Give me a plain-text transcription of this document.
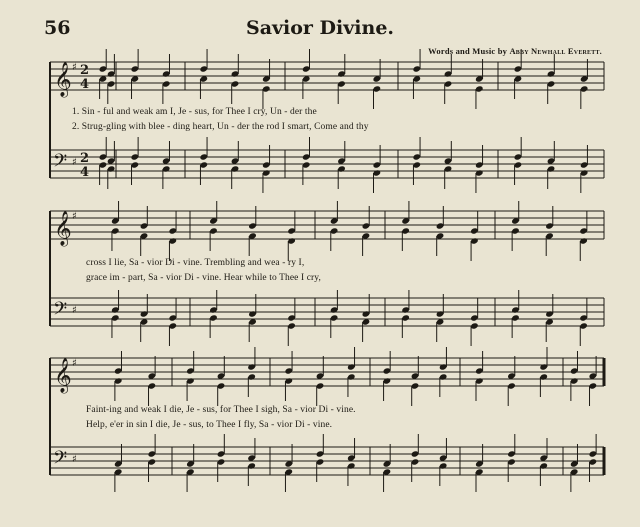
56	Savior Divine.
Words and Music by Abby Newhall Everett.
𝄞
𝄢
♯
♯
2
2
4
4
𝄞
𝄢
♯
♯
𝄞
𝄢
♯
♯
1. Sin - ful and weak am I, Je - sus, for Thee I cry, Un - der the
2. Strug-gling with blee - ding heart, Un - der the rod I smart, Come and thy
cross I lie, Sa - vior Di - vine. Trembling and wea - ry I,
grace im - part, Sa - vior Di - vine. Hear while to Thee I cry,
Faint-ing and weak I die, Je - sus, for Thee I sigh, Sa - vior Di - vine.
Help, e'er in sin I die, Je - sus, to Thee I fly, Sa - vior Di - vine.
